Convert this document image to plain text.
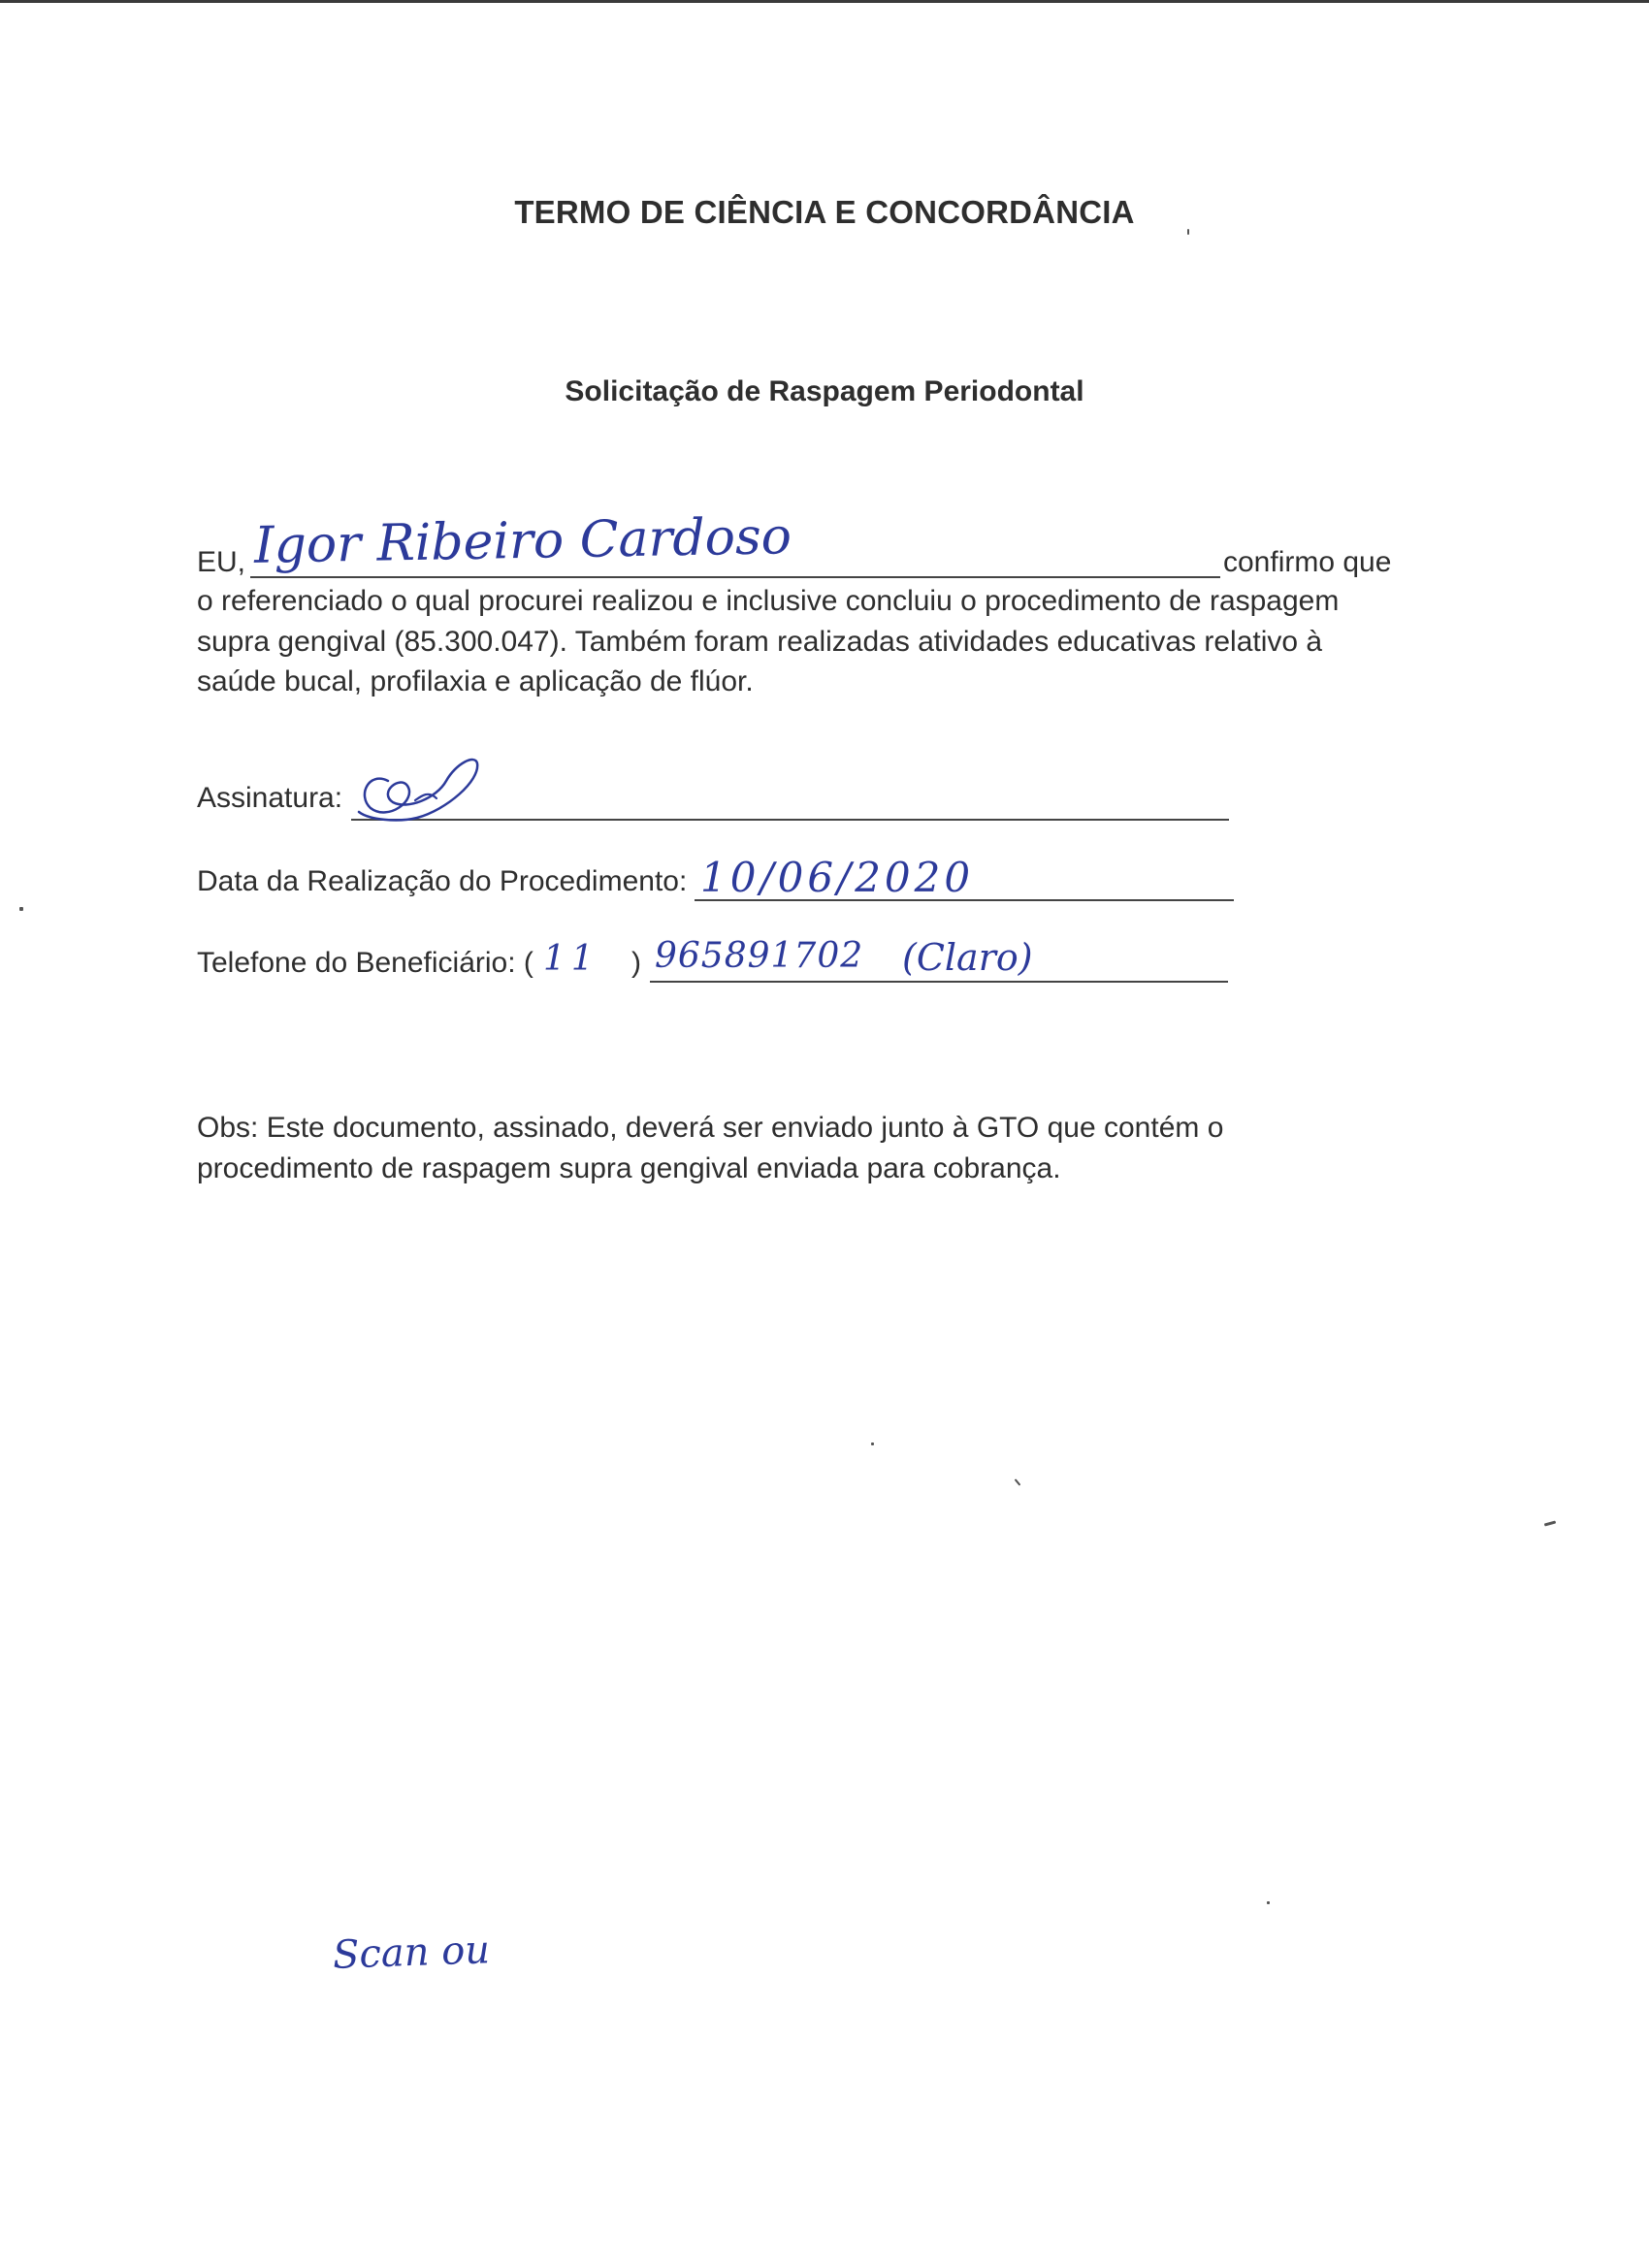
TERMO DE CIÊNCIA E CONCORDÂNCIA
Solicitação de Raspagem Periodontal
EU, Igor Ribeiro Cardoso	confirmo que
o referenciado o qual procurei realizou e inclusive concluiu o procedimento de raspagem
supra gengival (85.300.047). Também foram realizadas atividades educativas relativo à
saúde bucal, profilaxia e aplicação de flúor.
Assinatura:
Data da Realização do Procedimento: 10/06/2020
Telefone do Beneficiário: ( 11 ) 965891702 (Claro)
Obs: Este documento, assinado, deverá ser enviado junto à GTO que contém o
procedimento de raspagem supra gengival enviada para cobrança.
Scan ou
